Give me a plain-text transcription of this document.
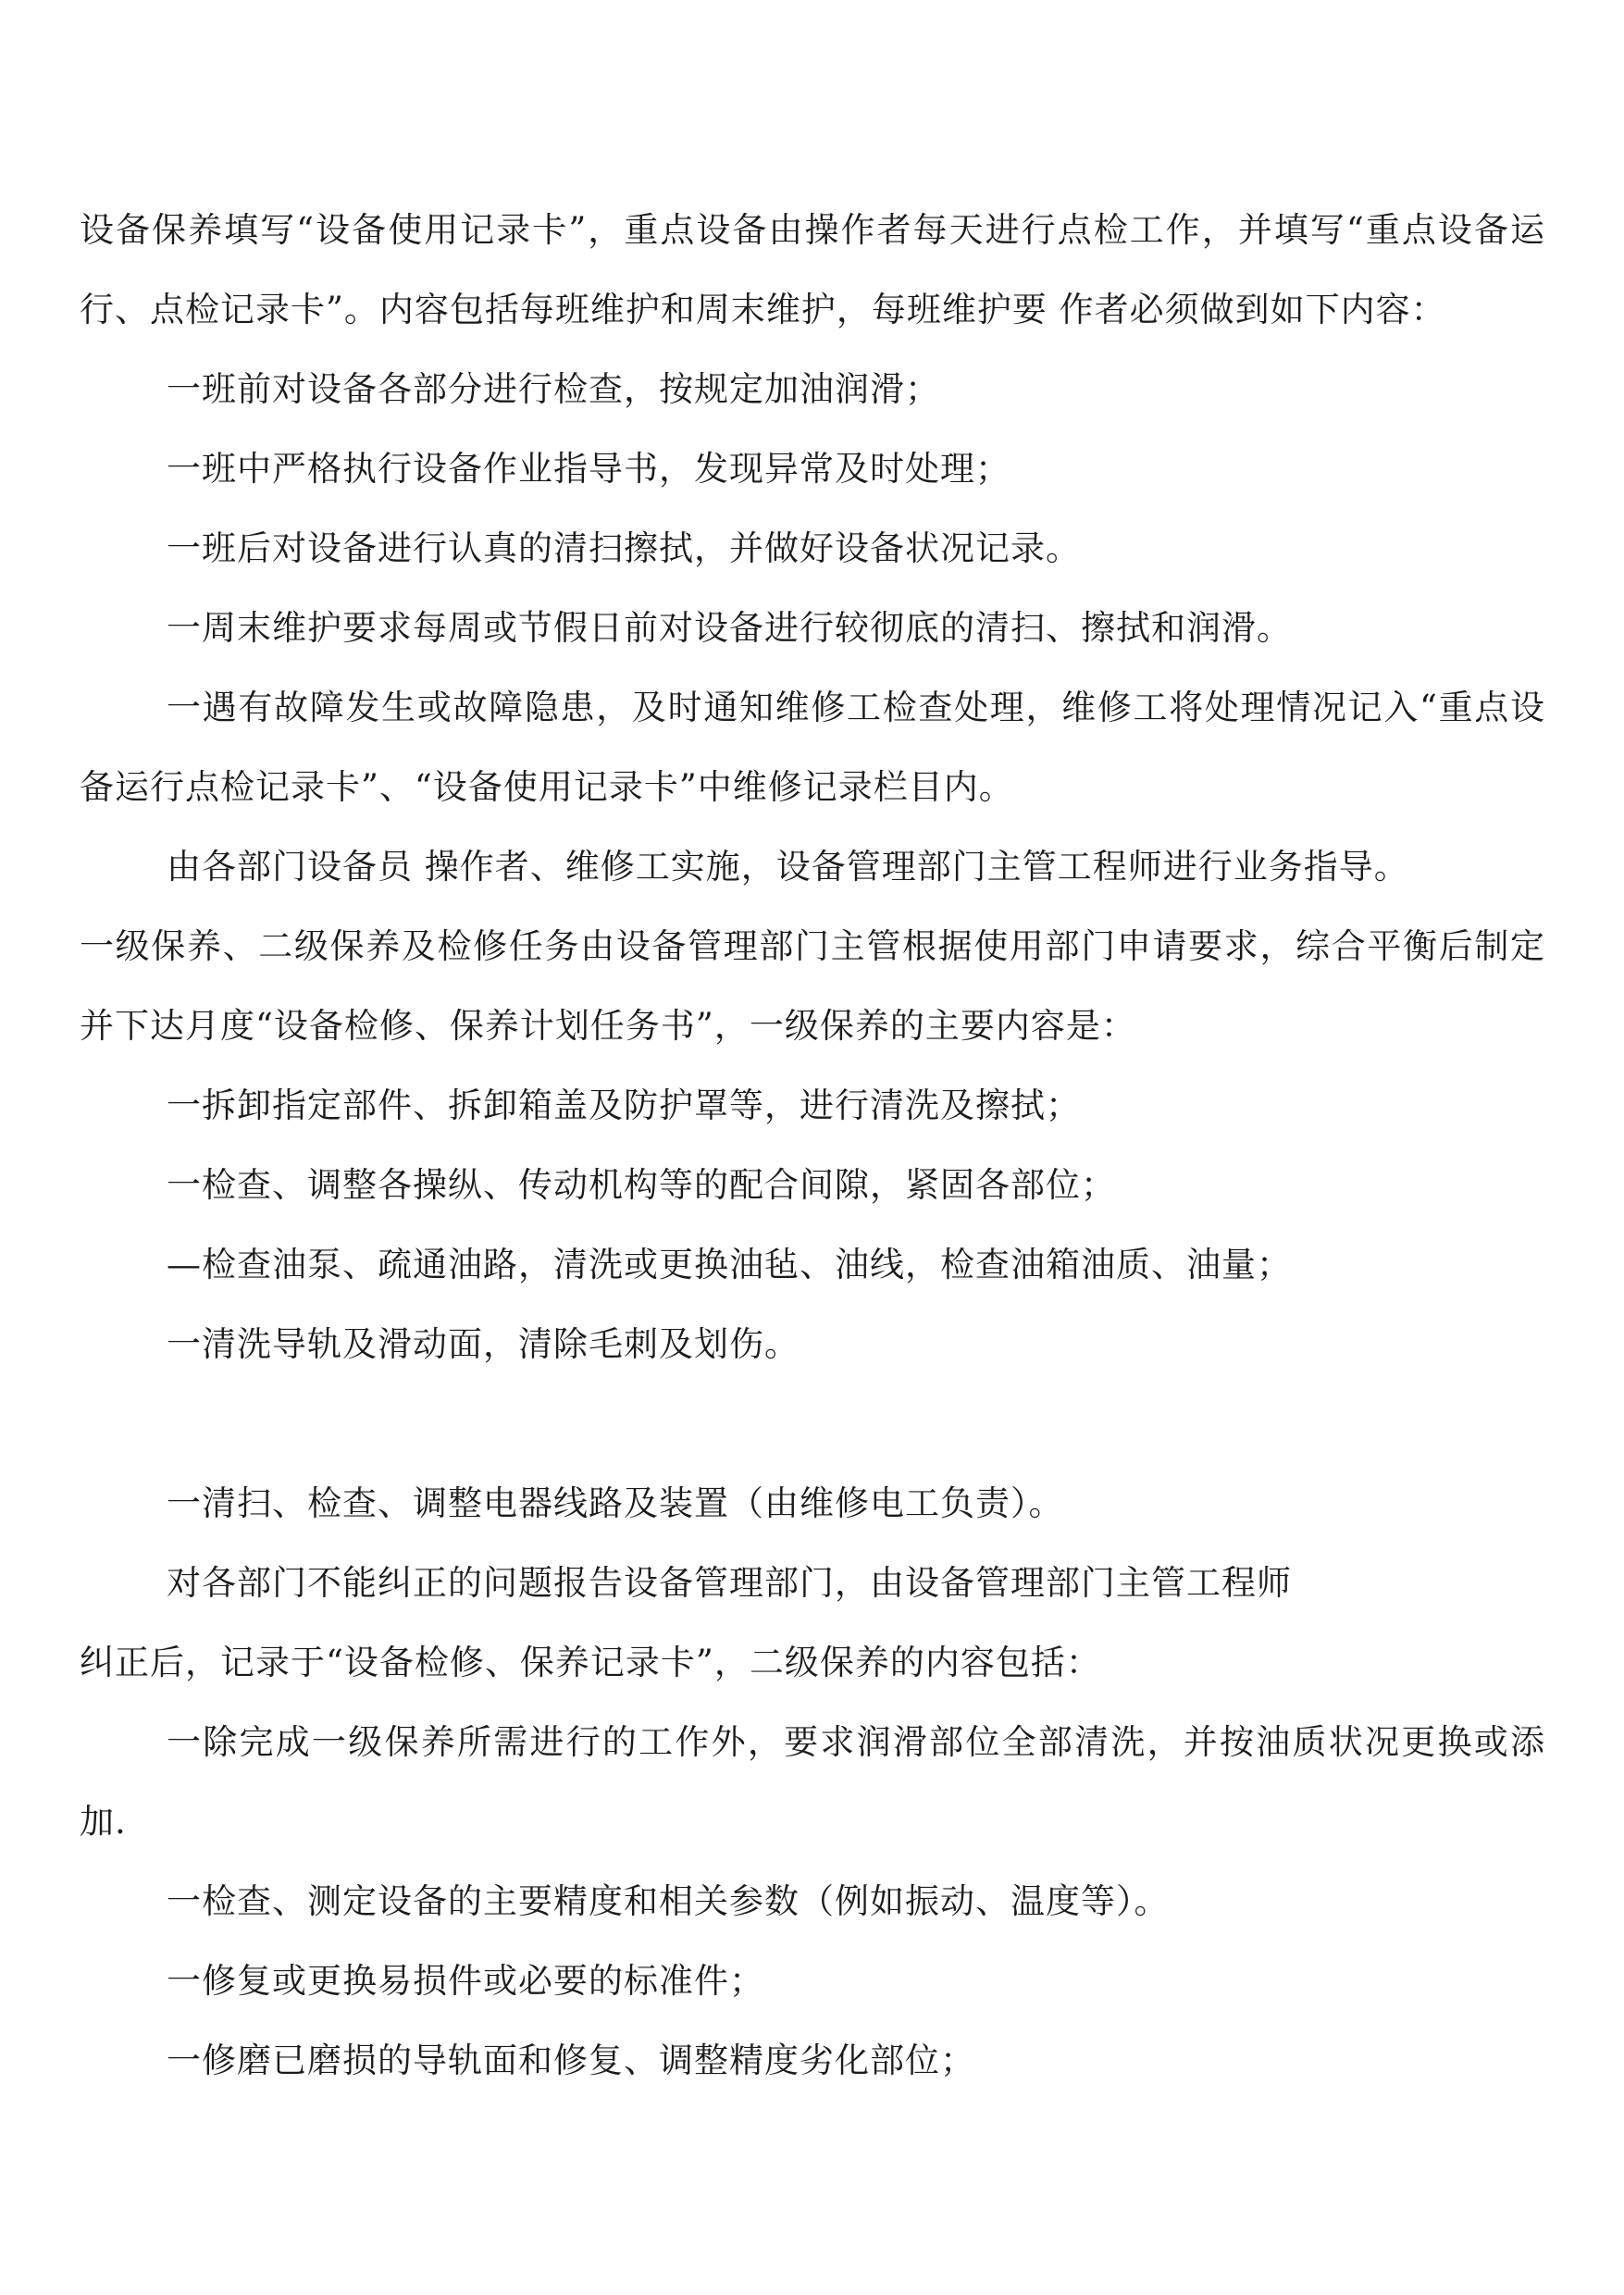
设备保养填写“设备使用记录卡”，重点设备由操作者每天进行点检工作，并填写“重点设备运行、点检记录卡”。内容包括每班维护和周末维护，每班维护要 作者必须做到如下内容：

一班前对设备各部分进行检查，按规定加油润滑；

一班中严格执行设备作业指导书，发现异常及时处理；

一班后对设备进行认真的清扫擦拭，并做好设备状况记录。

一周末维护要求每周或节假日前对设备进行较彻底的清扫、擦拭和润滑。

一遇有故障发生或故障隐患，及时通知维修工检查处理，维修工将处理情况记入“重点设备运行点检记录卡”、“设备使用记录卡”中维修记录栏目内。

由各部门设备员 操作者、维修工实施，设备管理部门主管工程师进行业务指导。

一级保养、二级保养及检修任务由设备管理部门主管根据使用部门申请要求，综合平衡后制定并下达月度“设备检修、保养计划任务书”，一级保养的主要内容是：

一拆卸指定部件、拆卸箱盖及防护罩等，进行清洗及擦拭；

一检查、调整各操纵、传动机构等的配合间隙，紧固各部位；

—检查油泵、疏通油路，清洗或更换油毡、油线，检查油箱油质、油量；

一清洗导轨及滑动面，清除毛刺及划伤。

一清扫、检查、调整电器线路及装置（由维修电工负责）。

对各部门不能纠正的问题报告设备管理部门，由设备管理部门主管工程师

纠正后，记录于“设备检修、保养记录卡”，二级保养的内容包括：

一除完成一级保养所需进行的工作外，要求润滑部位全部清洗，并按油质状况更换或添加.

一检查、测定设备的主要精度和相关参数（例如振动、温度等）。

一修复或更换易损件或必要的标准件；

一修磨已磨损的导轨面和修复、调整精度劣化部位；
